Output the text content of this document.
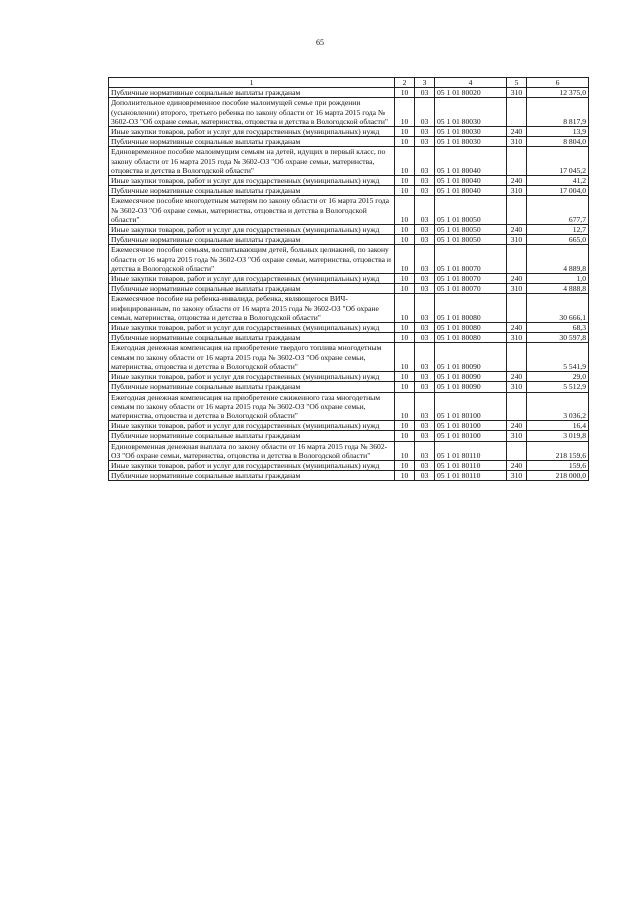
65
1	2	3	4	5	6
Публичные нормативные социальные выплаты гражданам	10	03	05 1 01 80020	310	12 375,0
Дополнительное единовременное пособие малоимущей семье при рождении (усыновлении) второго, третьего ребенка по закону области от 16 марта 2015 года № 3602-ОЗ "Об охране семьи, материнства, отцовства и детства в Вологодской области"	10	03	05 1 01 80030		8 817,9
Иные закупки товаров, работ и услуг для государственных (муниципальных) нужд	10	03	05 1 01 80030	240	13,9
Публичные нормативные социальные выплаты гражданам	10	03	05 1 01 80030	310	8 804,0
Единовременное пособие малоимущим семьям на детей, идущих в первый класс, по закону области от 16 марта 2015 года № 3602-ОЗ "Об охране семьи, материнства, отцовства и детства в Вологодской области"	10	03	05 1 01 80040		17 045,2
Иные закупки товаров, работ и услуг для государственных (муниципальных) нужд	10	03	05 1 01 80040	240	41,2
Публичные нормативные социальные выплаты гражданам	10	03	05 1 01 80040	310	17 004,0
Ежемесячное пособие многодетным матерям по закону области от 16 марта 2015 года № 3602-ОЗ "Об охране семьи, материнства, отцовства и детства в Вологодской области"	10	03	05 1 01 80050		677,7
Иные закупки товаров, работ и услуг для государственных (муниципальных) нужд	10	03	05 1 01 80050	240	12,7
Публичные нормативные социальные выплаты гражданам	10	03	05 1 01 80050	310	665,0
Ежемесячное пособие семьям, воспитывающим детей, больных целиакией, по закону области от 16 марта 2015 года № 3602-ОЗ "Об охране семьи, материнства, отцовства и детства в Вологодской области"	10	03	05 1 01 80070		4 889,8
Иные закупки товаров, работ и услуг для государственных (муниципальных) нужд	10	03	05 1 01 80070	240	1,0
Публичные нормативные социальные выплаты гражданам	10	03	05 1 01 80070	310	4 888,8
Ежемесячное пособие на ребенка-инвалида, ребенка, являющегося ВИЧ-инфицированным, по закону области от 16 марта 2015 года № 3602-ОЗ "Об охране семьи, материнства, отцовства и детства в Вологодской области"	10	03	05 1 01 80080		30 666,1
Иные закупки товаров, работ и услуг для государственных (муниципальных) нужд	10	03	05 1 01 80080	240	68,3
Публичные нормативные социальные выплаты гражданам	10	03	05 1 01 80080	310	30 597,8
Ежегодная денежная компенсация на приобретение твердого топлива многодетным семьям по закону области от 16 марта 2015 года № 3602-ОЗ "Об охране семьи, материнства, отцовства и детства в Вологодской области"	10	03	05 1 01 80090		5 541,9
Иные закупки товаров, работ и услуг для государственных (муниципальных) нужд	10	03	05 1 01 80090	240	29,0
Публичные нормативные социальные выплаты гражданам	10	03	05 1 01 80090	310	5 512,9
Ежегодная денежная компенсация на приобретение сжиженного газа многодетным семьям по закону области от 16 марта 2015 года № 3602-ОЗ "Об охране семьи, материнства, отцовства и детства в Вологодской области"	10	03	05 1 01 80100		3 036,2
Иные закупки товаров, работ и услуг для государственных (муниципальных) нужд	10	03	05 1 01 80100	240	16,4
Публичные нормативные социальные выплаты гражданам	10	03	05 1 01 80100	310	3 019,8
Единовременная денежная выплата по закону области от 16 марта 2015 года № 3602-ОЗ "Об охране семьи, материнства, отцовства и детства в Вологодской области"	10	03	05 1 01 80110		218 159,6
Иные закупки товаров, работ и услуг для государственных (муниципальных) нужд	10	03	05 1 01 80110	240	159,6
Публичные нормативные социальные выплаты гражданам	10	03	05 1 01 80110	310	218 000,0
